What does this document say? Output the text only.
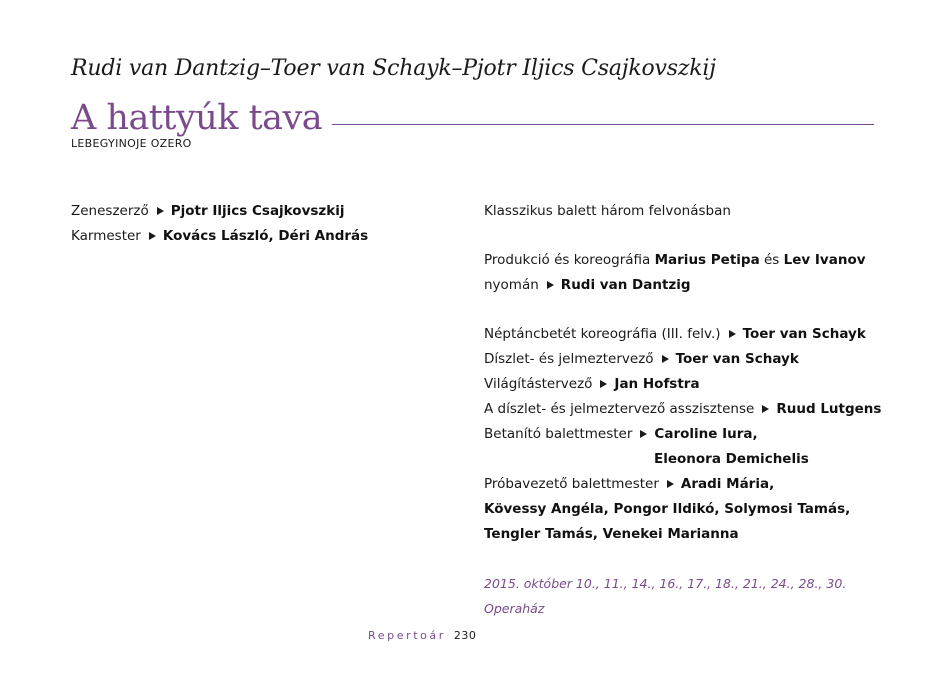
Rudi van Dantzig–Toer van Schayk–Pjotr Iljics Csajkovszkij
A hattyúk tava
LEBEGYINOJE OZERO
Zeneszerző Pjotr Iljics Csajkovszkij
Karmester Kovács László, Déri András
Klasszikus balett három felvonásban
Produkció és koreográfia Marius Petipa és Lev Ivanov
nyomán Rudi van Dantzig
Néptáncbetét koreográfia (III. felv.) Toer van Schayk
Díszlet- és jelmeztervező Toer van Schayk
Világítástervező Jan Hofstra
A díszlet- és jelmeztervező asszisztense Ruud Lutgens
Betanító balettmester Caroline Iura,
Eleonora Demichelis
Próbavezető balettmester Aradi Mária,
Kövessy Angéla, Pongor Ildikó, Solymosi Tamás,
Tengler Tamás, Venekei Marianna
2015. október 10., 11., 14., 16., 17., 18., 21., 24., 28., 30.
Operaház
Repertoár 230
